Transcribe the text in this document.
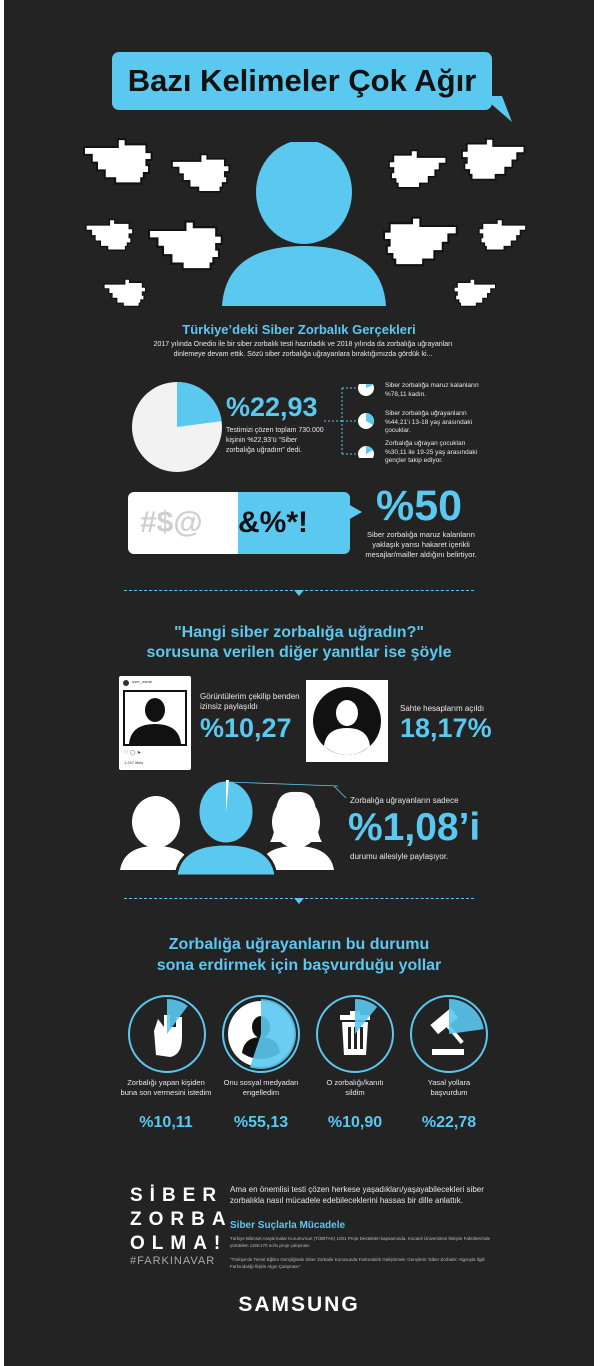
Bazı Kelimeler Çok Ağır
Türkiye’deki Siber Zorbalık Gerçekleri
2017 yılında Onedio ile bir siber zorbalık testi hazırladık ve 2018 yılında da zorbalığa uğrayanları dinlemeye devam ettik. Sözü siber zorbalığa uğrayanlara bıraktığımızda gördük ki...
%22,93
Testimizi çözen toplam 730.000 kişinin %22,93’ü “Siber zorbalığa uğradım” dedi.
Siber zorbalığa maruz kalanların %78,11 kadın.
Siber zorbalığa uğrayanların %44,21’i 13-18 yaş arasındaki çocuklar.
Zorbalığa uğrayan çocukları %30,11 ile 19-25 yaş arasındaki gençler takip ediyor.
#$@ &%*! %50
Siber zorbalığa maruz kalanların yaklaşık yarısı hakaret içerikli mesajlar/mailler aldığını belirtiyor.
"Hangi siber zorbalığa uğradın?"
sorusuna verilen diğer yanıtlar ise şöyle
user_name
♡ ◯ ➤
1,247 likes
Görüntülerim çekilip benden izinsiz paylaşıldı
%10,27
Sahte hesaplarım açıldı
18,17%
Zorbalığa uğrayanların sadece
%1,08’i
durumu ailesiyle paylaşıyor.
Zorbalığa uğrayanların bu durumu
sona erdirmek için başvurduğu yollar
Zorbalığı yapan kişiden buna son vermesini istedim
Onu sosyal medyadan engelledim
O zorbalığı/kanıtı sildim
Yasal yollara başvurdum
%10,11	%55,13	%10,90	%22,78
SİBER
ZORBA
OLMA!
#FARKINAVAR
Ama en önemlisi testi çözen herkese yaşadıkları/yaşayabilecekleri siber zorbalıkla nasıl mücadele edebileceklerini hassas bir dille anlattık.
Siber Suçlarla Mücadele
Türkiye Bilimsel Araştırmalar Kurumu'nun (TÜBİTAK) 1001 Proje Destekleri kapsamında, Kocaeli Üniversitesi İletişim Fakültesi'nde yürütülen 115K170 no'lu proje çalışması
"Türkiye'de Temel Eğitim Gençliğinde Siber Zorbalık Konusunda Farkındalık Geliştirmek: Gençlerin 'Siber Zorbalık' Algısıyla İlgili Farkındalığı İlişkin Algın Çalışması"
SAMSUNG
